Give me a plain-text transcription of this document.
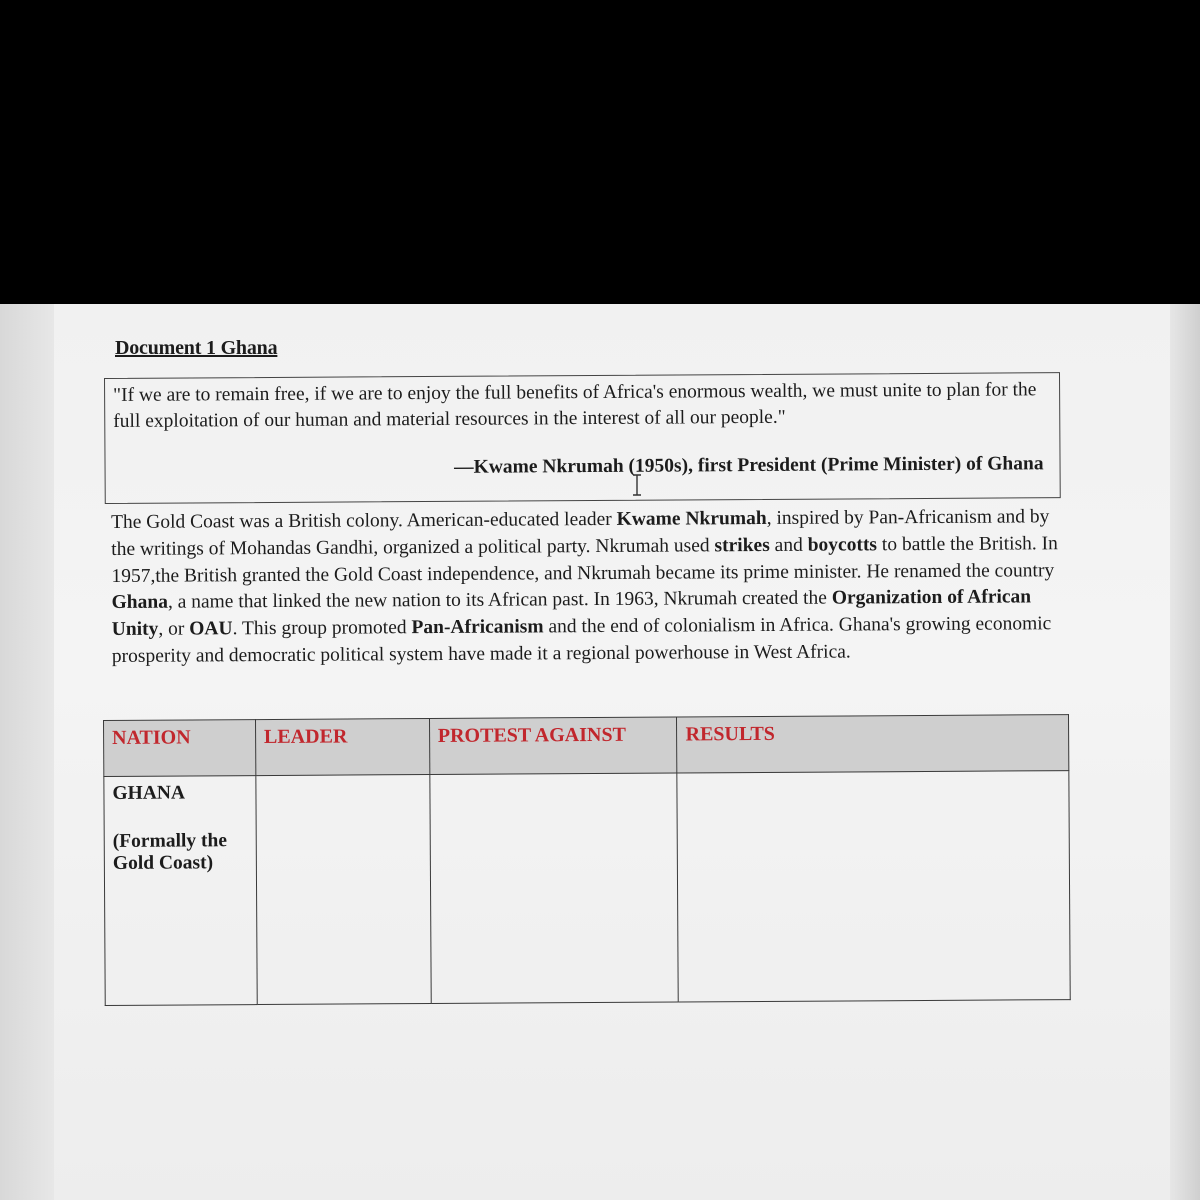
Document 1 Ghana
"If we are to remain free, if we are to enjoy the full benefits of Africa's enormous wealth, we must unite to plan for the full exploitation of our human and material resources in the interest of all our people."
—Kwame Nkrumah (1950s), first President (Prime Minister) of Ghana
The Gold Coast was a British colony. American-educated leader Kwame Nkrumah, inspired by Pan-Africanism and by the writings of Mohandas Gandhi, organized a political party. Nkrumah used strikes and boycotts to battle the British. In 1957,the British granted the Gold Coast independence, and Nkrumah became its prime minister. He renamed the country Ghana, a name that linked the new nation to its African past. In 1963, Nkrumah created the Organization of African Unity, or OAU. This group promoted Pan-Africanism and the end of colonialism in Africa. Ghana's growing economic prosperity and democratic political system have made it a regional powerhouse in West Africa.
NATION	LEADER	PROTEST AGAINST	RESULTS

GHANA
(Formally the
Gold Coast)			
